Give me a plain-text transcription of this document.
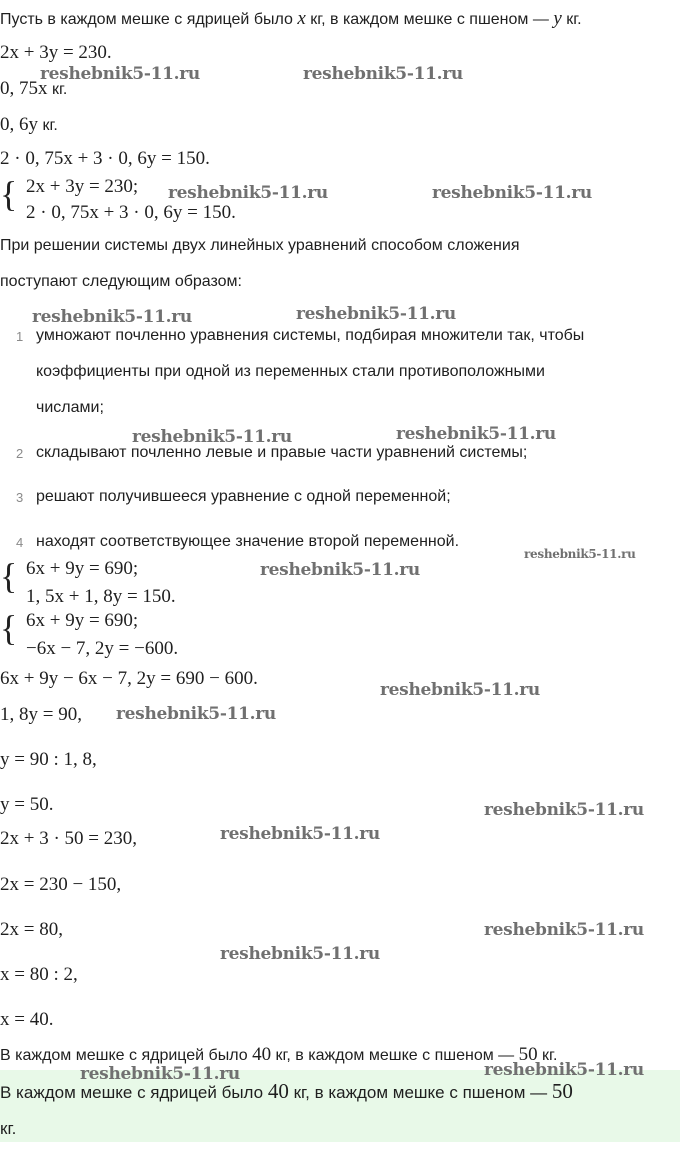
Пусть в каждом мешке с ядрицей было x кг, в каждом мешке с пшеном — y кг.
2x + 3y = 230.
0, 75x кг.
0, 6y кг.
2 · 0, 75x + 3 · 0, 6y = 150.
{ 2x + 3y = 230;
2 · 0, 75x + 3 · 0, 6y = 150.
При решении системы двух линейных уравнений способом сложения
поступают следующим образом:
1 умножают почленно уравнения системы, подбирая множители так, чтобы
коэффициенты при одной из переменных стали противоположными
числами;
2 складывают почленно левые и правые части уравнений системы;
3 решают получившееся уравнение с одной переменной;
4 находят соответствующее значение второй переменной.
{ 6x + 9y = 690;
1, 5x + 1, 8y = 150.
{ 6x + 9y = 690;
−6x − 7, 2y = −600.
6x + 9y − 6x − 7, 2y = 690 − 600.
1, 8y = 90,
y = 90 : 1, 8,
y = 50.
2x + 3 · 50 = 230,
2x = 230 − 150,
2x = 80,
x = 80 : 2,
x = 40.
В каждом мешке с ядрицей было 40 кг, в каждом мешке с пшеном — 50 кг.
В каждом мешке с ядрицей было 40 кг, в каждом мешке с пшеном — 50
кг.
reshebnik5-11.ru	reshebnik5-11.ru
reshebnik5-11.ru	reshebnik5-11.ru
reshebnik5-11.ru	reshebnik5-11.ru
reshebnik5-11.ru	reshebnik5-11.ru
reshebnik5-11.ru
reshebnik5-11.ru
reshebnik5-11.ru
reshebnik5-11.ru
reshebnik5-11.ru
reshebnik5-11.ru
reshebnik5-11.ru
reshebnik5-11.ru
reshebnik5-11.ru	reshebnik5-11.ru
